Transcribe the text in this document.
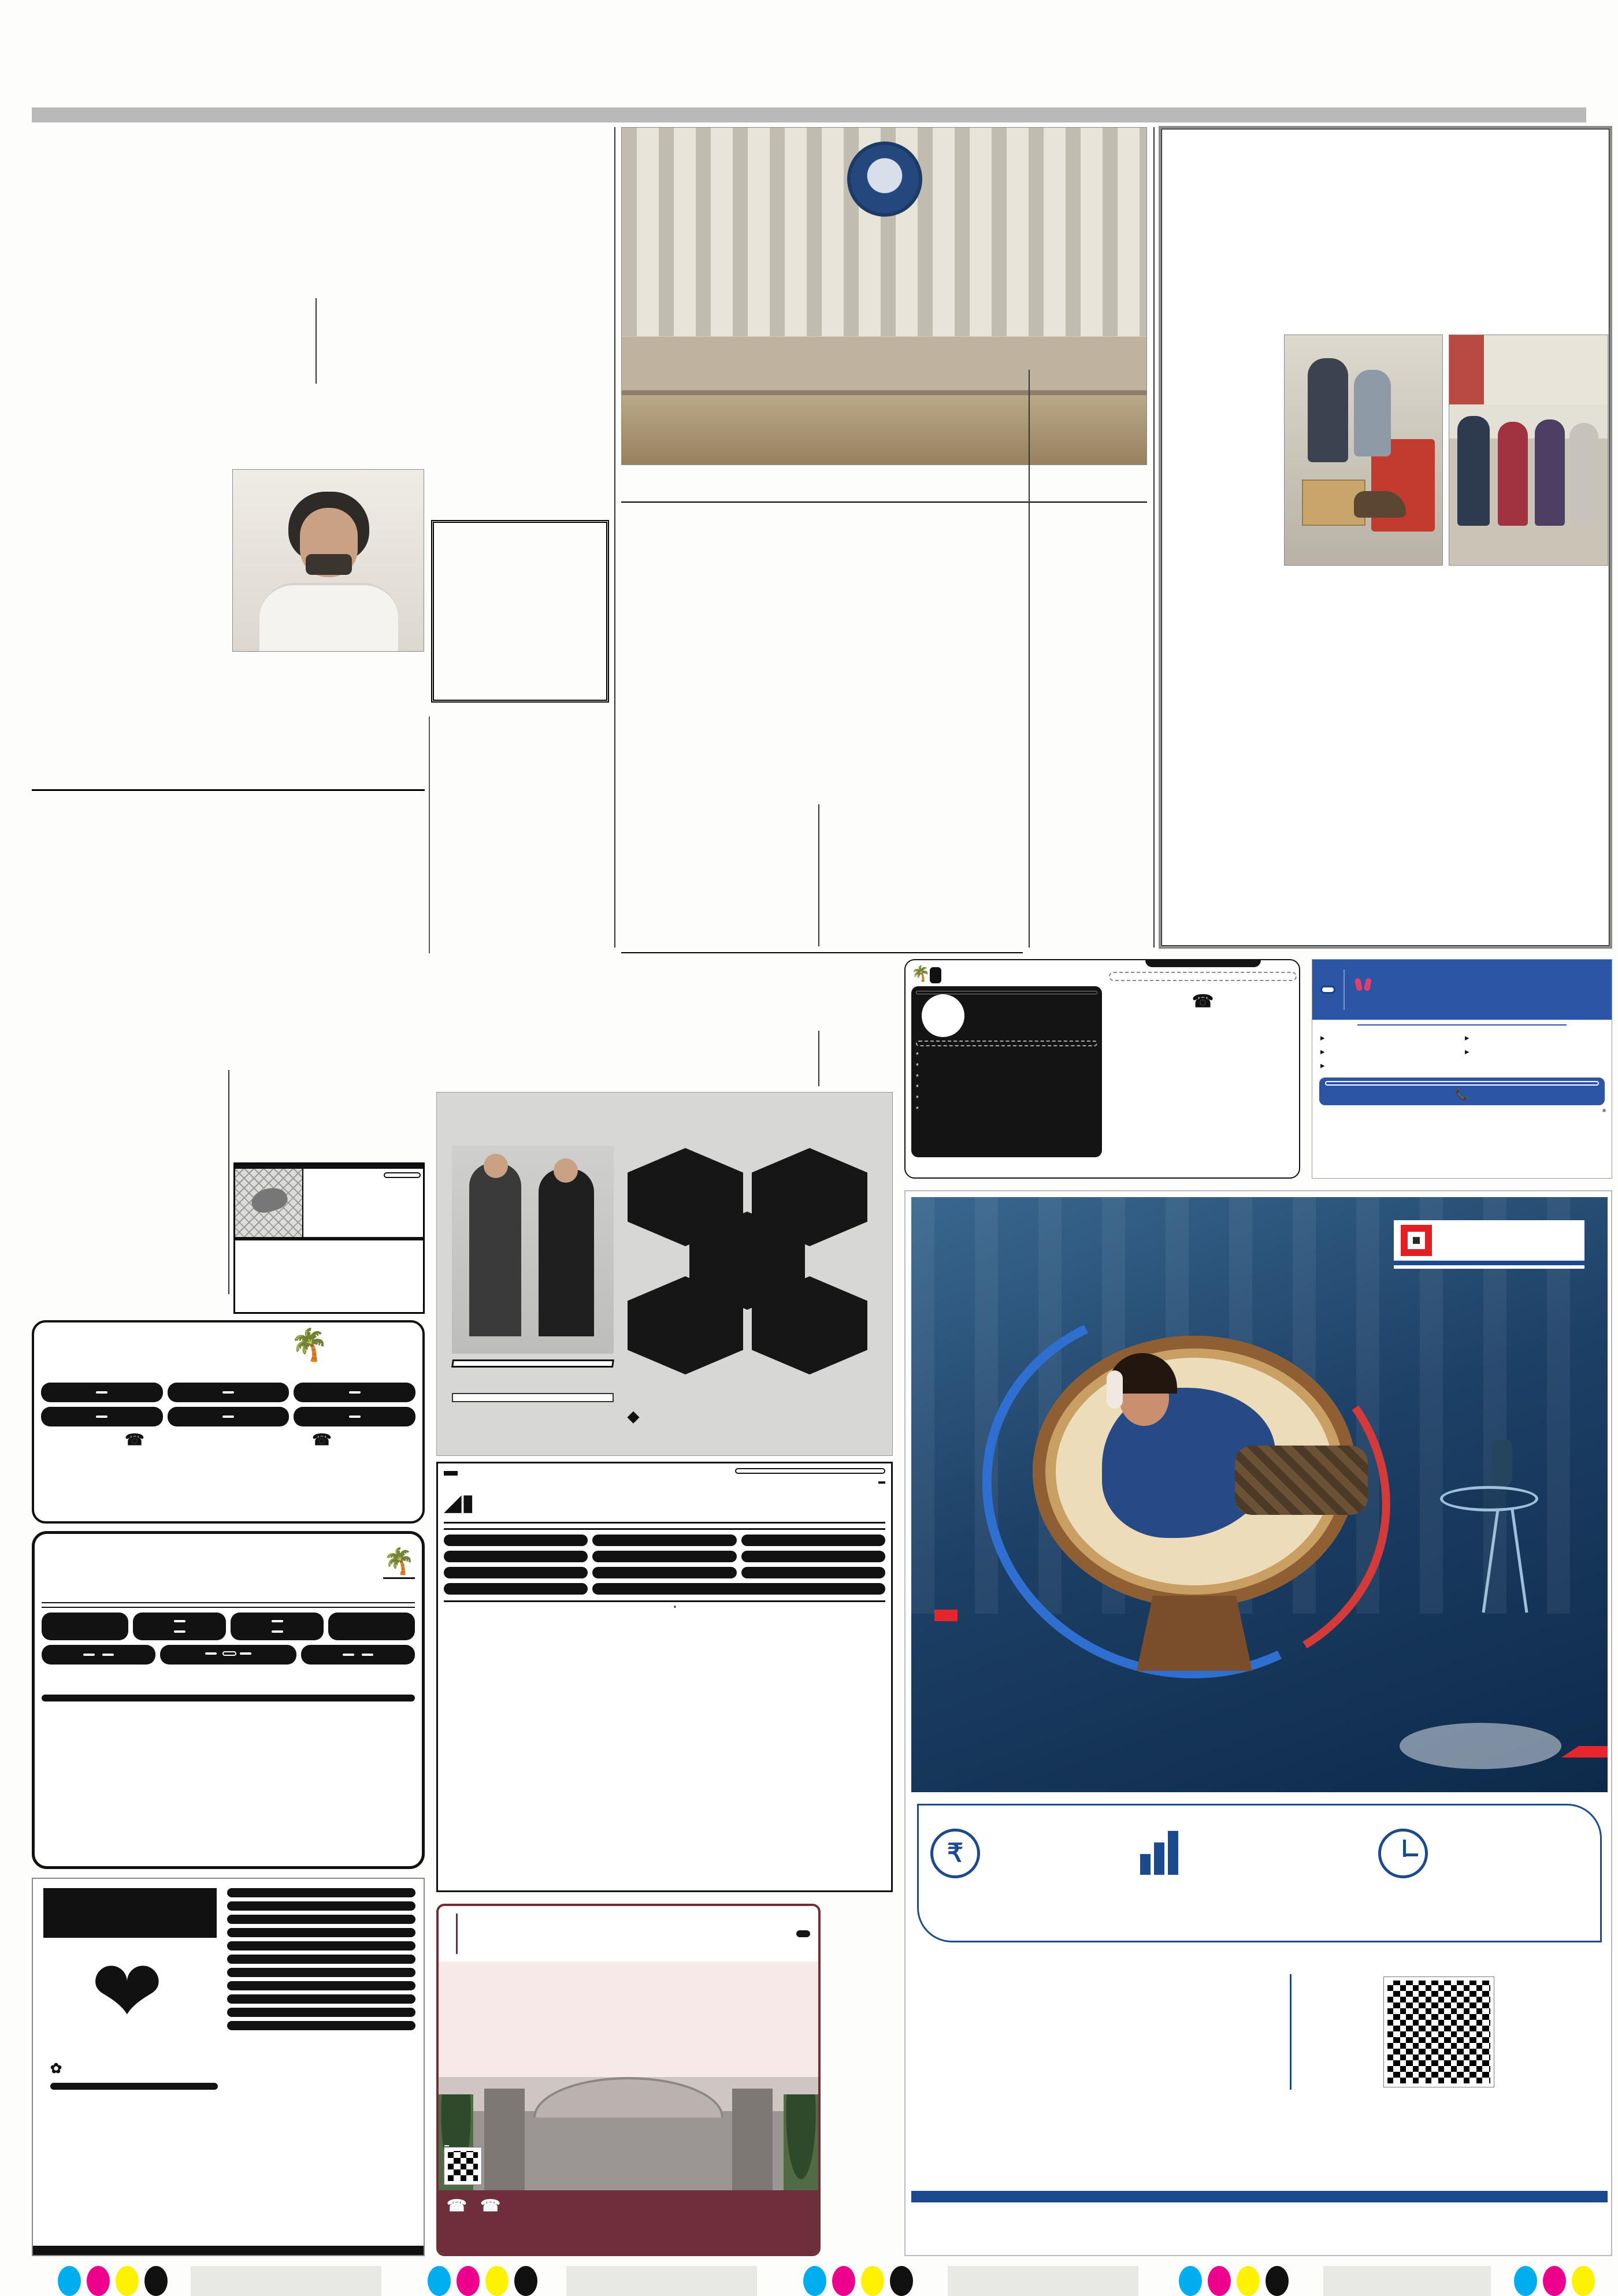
🌴
☎	☎
🌴

❤
✿
◆
◢▮
☎   ☎
🌴

*
*
*
*
*
*
☎
▸
▸
▸
▸
▸
📞
■
₹
